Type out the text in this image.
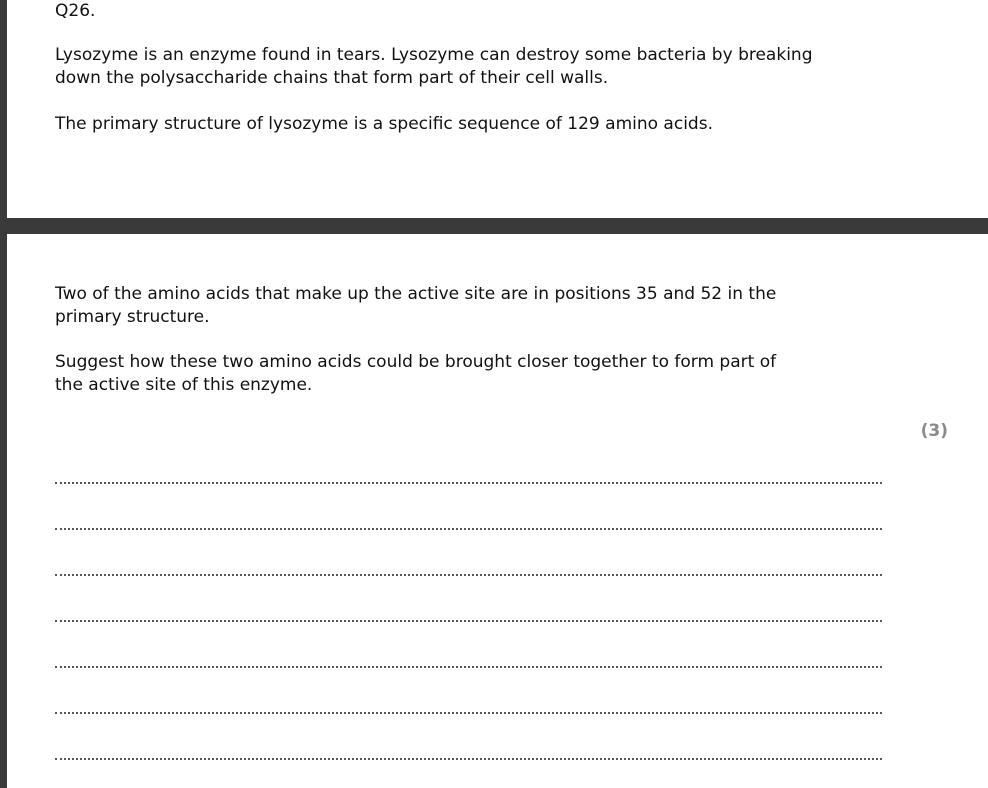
Q26.

Lysozyme is an enzyme found in tears. Lysozyme can destroy some bacteria by breaking down the polysaccharide chains that form part of their cell walls.

The primary structure of lysozyme is a specific sequence of 129 amino acids.

Two of the amino acids that make up the active site are in positions 35 and 52 in the primary structure.

Suggest how these two amino acids could be brought closer together to form part of the active site of this enzyme.

(3)
